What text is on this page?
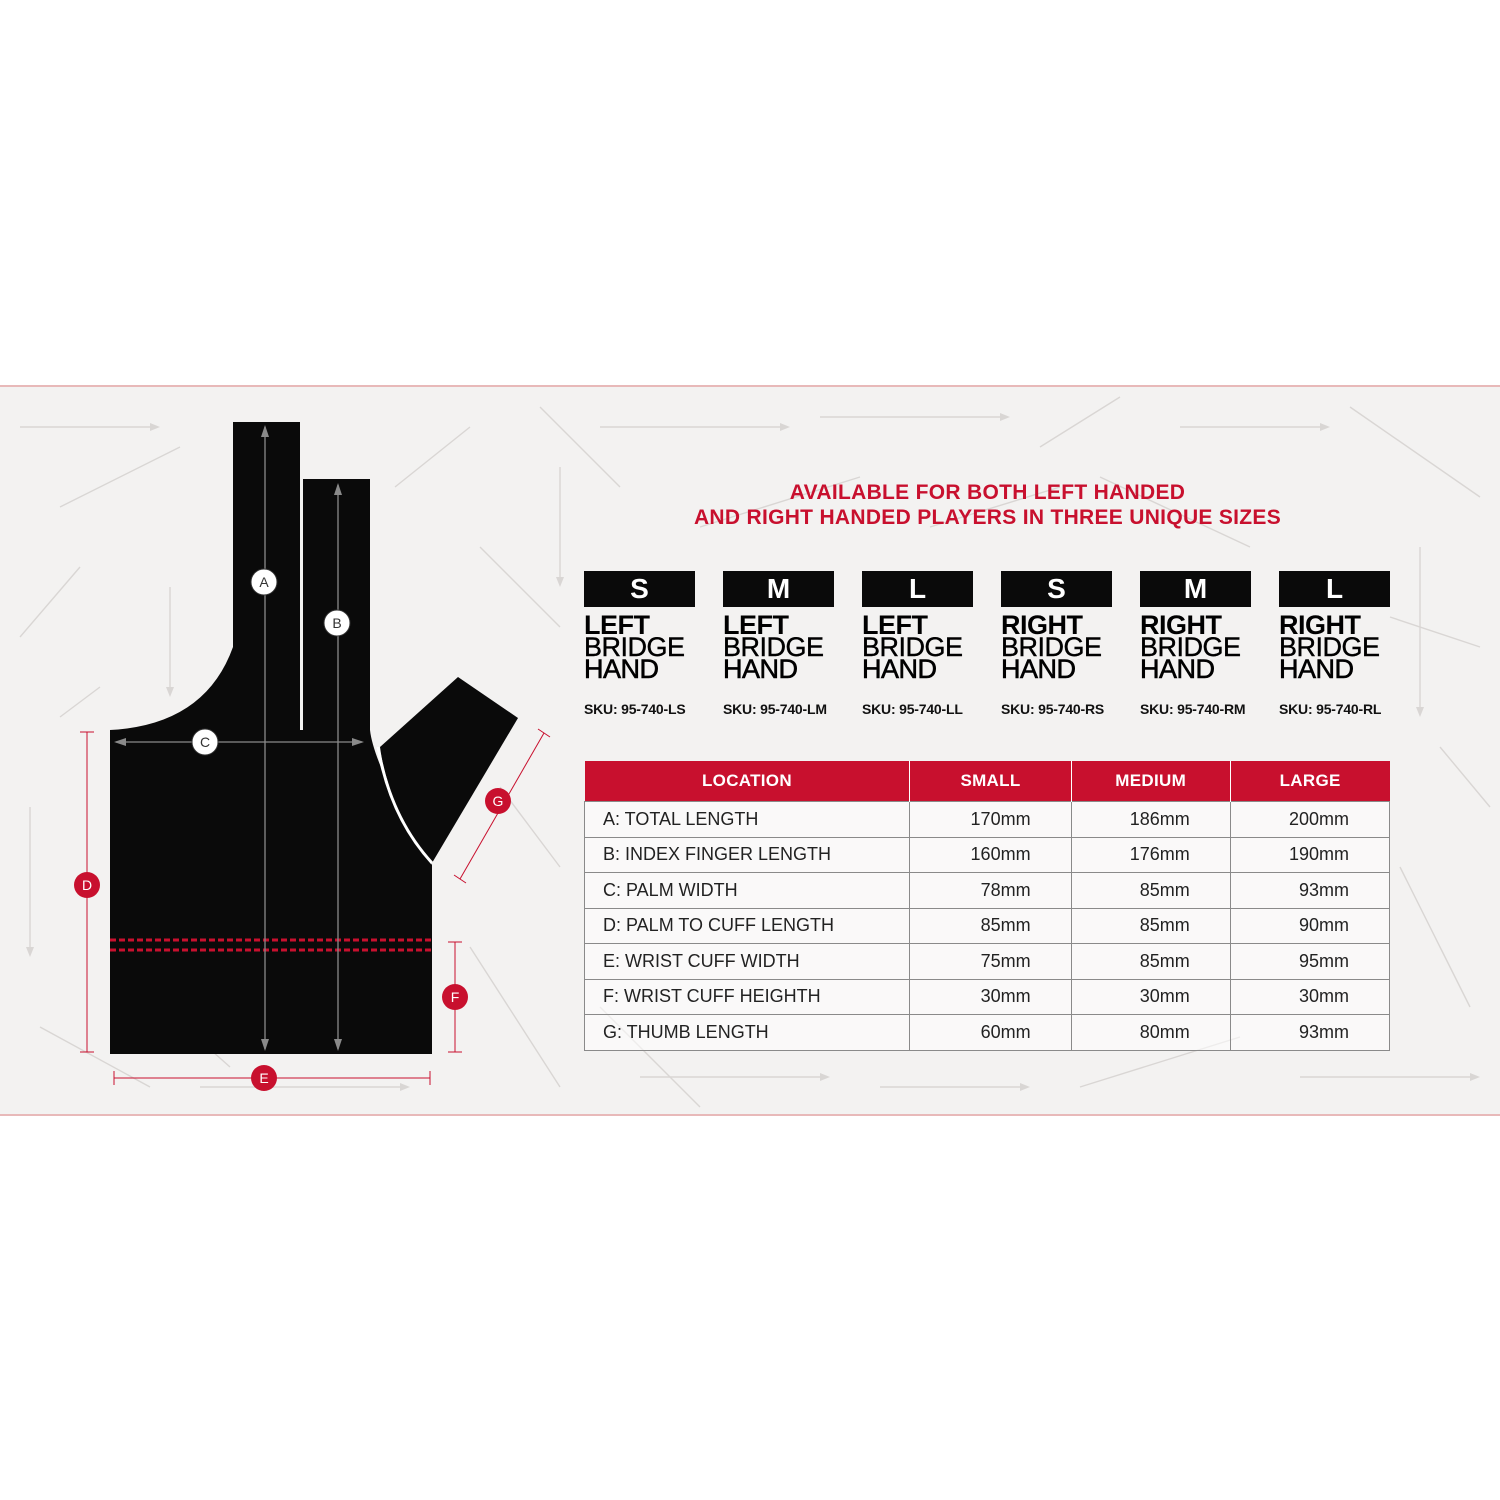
A
B
C
D
E
F
G
AVAILABLE FOR BOTH LEFT HANDED
AND RIGHT HANDED PLAYERS IN THREE UNIQUE SIZES
S
LEFT
BRIDGE
HAND
M
LEFT
BRIDGE
HAND
L
LEFT
BRIDGE
HAND
S
RIGHT
BRIDGE
HAND
M
RIGHT
BRIDGE
HAND
L
RIGHT
BRIDGE
HAND
SKU: 95-740-LS	SKU: 95-740-LM	SKU: 95-740-LL	SKU: 95-740-RS	SKU: 95-740-RM	SKU: 95-740-RL
LOCATION	SMALL	MEDIUM	LARGE
A: TOTAL LENGTH	170mm	186mm	200mm
B: INDEX FINGER LENGTH	160mm	176mm	190mm
C: PALM WIDTH	78mm	85mm	93mm
D: PALM TO CUFF LENGTH	85mm	85mm	90mm
E: WRIST CUFF WIDTH	75mm	85mm	95mm
F: WRIST CUFF HEIGHTH	30mm	30mm	30mm
G: THUMB LENGTH	60mm	80mm	93mm
